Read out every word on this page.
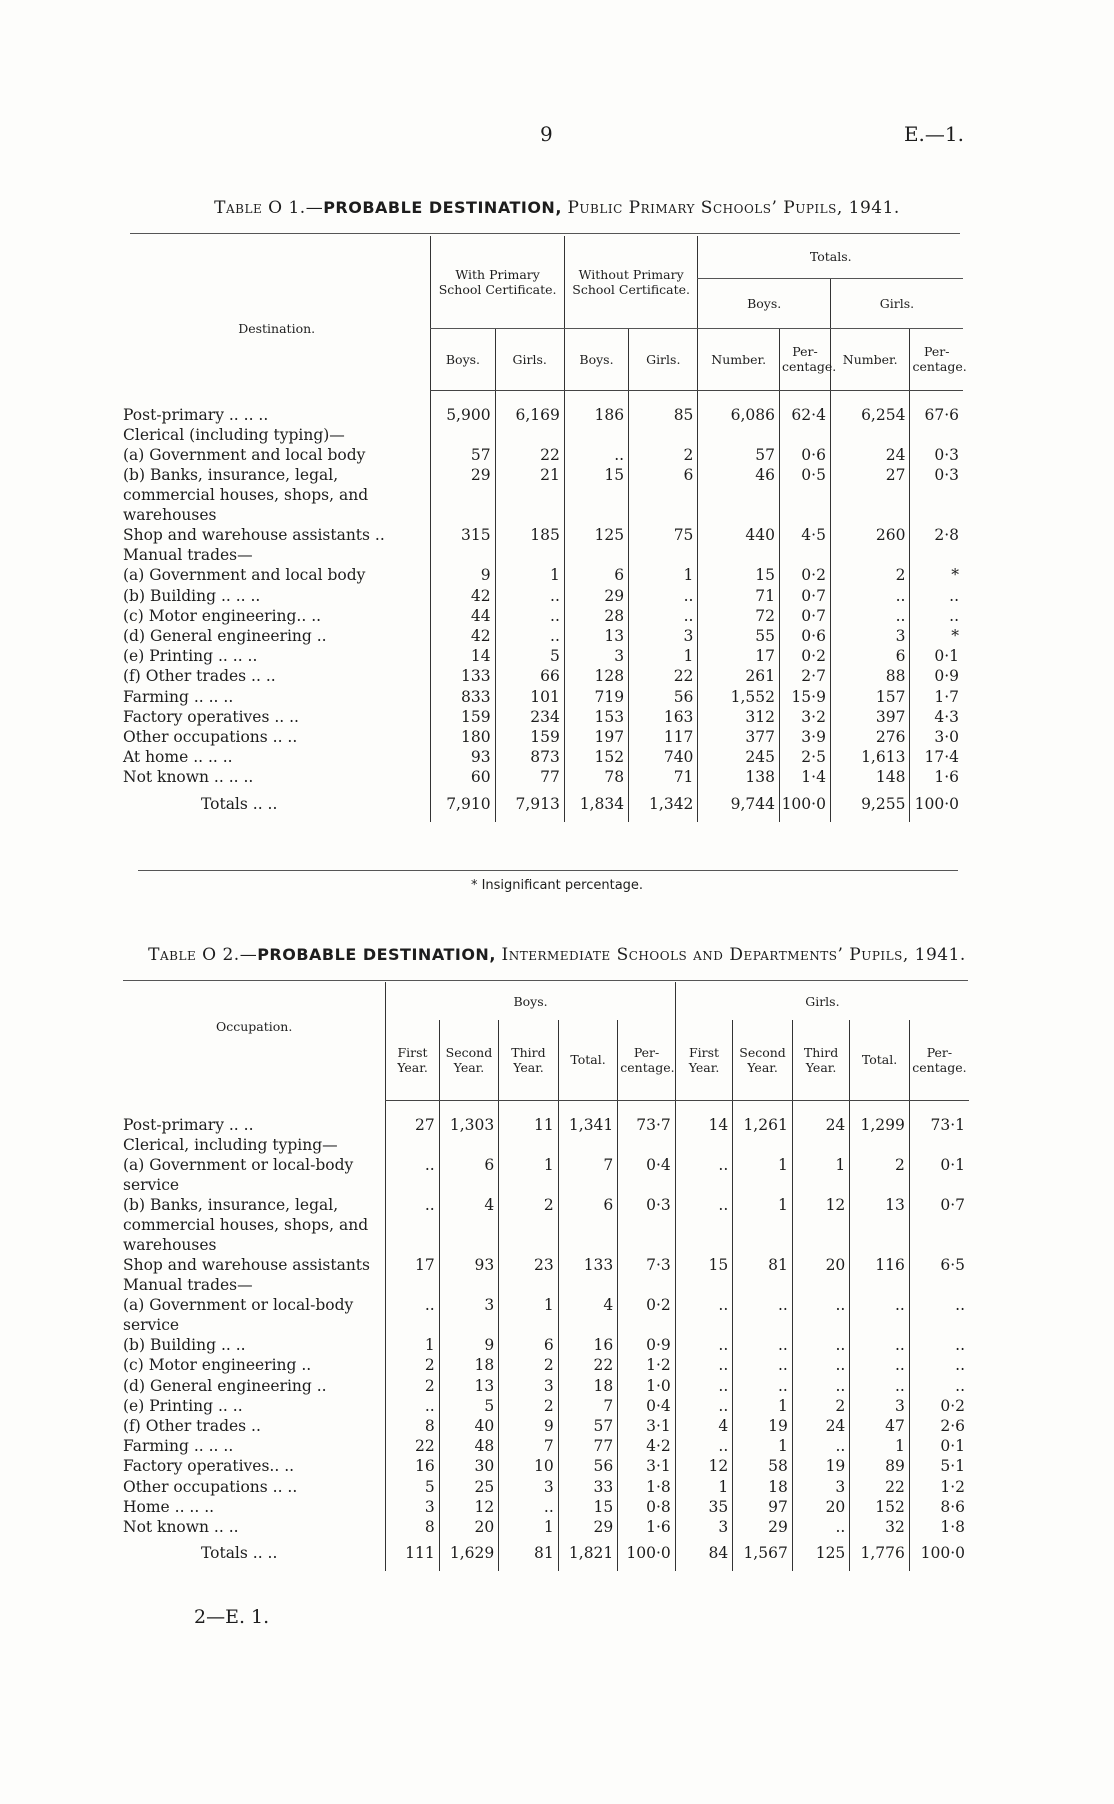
9	E.—1.
Table O 1.—PROBABLE DESTINATION, Public Primary Schools’ Pupils, 1941.
Destination.	With Primary School Certificate.		Without Primary School Certificate.		Totals.			
					Boys.		Girls.	
	Boys.	Girls.	Boys.	Girls.	Number.	Per-centage.	Number.	Per-centage.

Post-primary .. .. ..	5,900	6,169	186	85	6,086	62·4	6,254	67·6
Clerical (including typing)—								
(a) Government and local body	57	22	..	2	57	0·6	24	0·3
(b) Banks, insurance, legal, commercial houses, shops, and warehouses	29	21	15	6	46	0·5	27	0·3
Shop and warehouse assistants ..	315	185	125	75	440	4·5	260	2·8
Manual trades—								
(a) Government and local body	9	1	6	1	15	0·2	2	*
(b) Building .. .. ..	42	..	29	..	71	0·7	..	..
(c) Motor engineering.. ..	44	..	28	..	72	0·7	..	..
(d) General engineering ..	42	..	13	3	55	0·6	3	*
(e) Printing .. .. ..	14	5	3	1	17	0·2	6	0·1
(f) Other trades .. ..	133	66	128	22	261	2·7	88	0·9
Farming .. .. ..	833	101	719	56	1,552	15·9	157	1·7
Factory operatives .. ..	159	234	153	163	312	3·2	397	4·3
Other occupations .. ..	180	159	197	117	377	3·9	276	3·0
At home .. .. ..	93	873	152	740	245	2·5	1,613	17·4
Not known .. .. ..	60	77	78	71	138	1·4	148	1·6
Totals .. ..	7,910	7,913	1,834	1,342	9,744	100·0	9,255	100·0
* Insignificant percentage.
Table O 2.—PROBABLE DESTINATION, Intermediate Schools and Departments’ Pupils, 1941.
Occupation.	Boys.					Girls.				
	First Year.	Second Year.	Third Year.	Total.	Per-centage.	First Year.	Second Year.	Third Year.	Total.	Per-centage.

Post-primary .. ..	27	1,303	11	1,341	73·7	14	1,261	24	1,299	73·1
Clerical, including typing—										
(a) Government or local-body service	..	6	1	7	0·4	..	1	1	2	0·1
(b) Banks, insurance, legal, commercial houses, shops, and warehouses	..	4	2	6	0·3	..	1	12	13	0·7
Shop and warehouse assistants	17	93	23	133	7·3	15	81	20	116	6·5
Manual trades—										
(a) Government or local-body service	..	3	1	4	0·2	..	..	..	..	..
(b) Building .. ..	1	9	6	16	0·9	..	..	..	..	..
(c) Motor engineering ..	2	18	2	22	1·2	..	..	..	..	..
(d) General engineering ..	2	13	3	18	1·0	..	..	..	..	..
(e) Printing .. ..	..	5	2	7	0·4	..	1	2	3	0·2
(f) Other trades ..	8	40	9	57	3·1	4	19	24	47	2·6
Farming .. .. ..	22	48	7	77	4·2	..	1	..	1	0·1
Factory operatives.. ..	16	30	10	56	3·1	12	58	19	89	5·1
Other occupations .. ..	5	25	3	33	1·8	1	18	3	22	1·2
Home .. .. ..	3	12	..	15	0·8	35	97	20	152	8·6
Not known .. ..	8	20	1	29	1·6	3	29	..	32	1·8
Totals .. ..	111	1,629	81	1,821	100·0	84	1,567	125	1,776	100·0
2—E. 1.
